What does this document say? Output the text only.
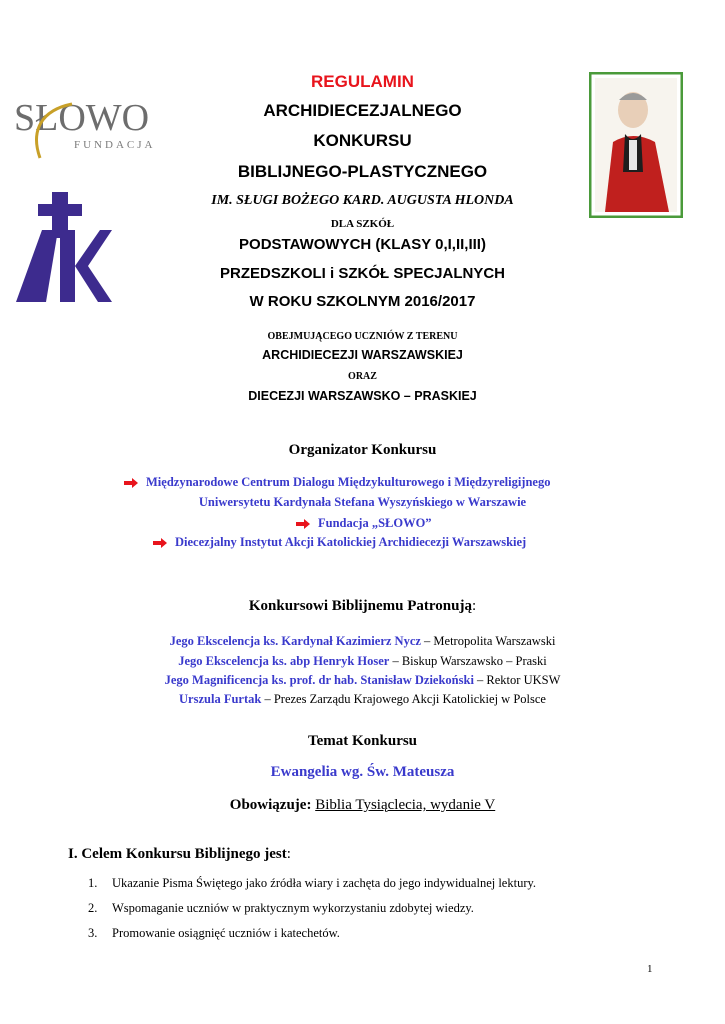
SŁOWO
FUNDACJA
AK
REGULAMIN
ARCHIDIECEZJALNEGO
KONKURSU
BIBLIJNEGO-PLASTYCZNEGO
IM. SŁUGI BOŻEGO KARD. AUGUSTA HLONDA
DLA SZKÓŁ
PODSTAWOWYCH (KLASY 0,I,II,III)
PRZEDSZKOLI i SZKÓŁ SPECJALNYCH
W ROKU SZKOLNYM 2016/2017
OBEJMUJĄCEGO UCZNIÓW Z TERENU
ARCHIDIECEZJI WARSZAWSKIEJ
ORAZ
DIECEZJI WARSZAWSKO – PRASKIEJ
Organizator Konkursu
Międzynarodowe Centrum Dialogu Międzykulturowego i Międzyreligijnego
Uniwersytetu Kardynała Stefana Wyszyńskiego w Warszawie
Fundacja „SŁOWO”
Diecezjalny Instytut Akcji Katolickiej Archidiecezji Warszawskiej
Konkursowi Biblijnemu Patronują:
Jego Ekscelencja ks. Kardynał Kazimierz Nycz – Metropolita Warszawski
Jego Ekscelencja ks. abp Henryk Hoser – Biskup Warszawsko – Praski
Jego Magnificencja ks. prof. dr hab. Stanisław Dziekoński – Rektor UKSW
Urszula Furtak – Prezes Zarządu Krajowego Akcji Katolickiej w Polsce
Temat Konkursu
Ewangelia wg. Św. Mateusza
Obowiązuje: Biblia Tysiąclecia, wydanie V
I. Celem Konkursu Biblijnego jest:
1. Ukazanie Pisma Świętego jako źródła wiary i zachęta do jego indywidualnej lektury.
2. Wspomaganie uczniów w praktycznym wykorzystaniu zdobytej wiedzy.
3. Promowanie osiągnięć uczniów i katechetów.
1
